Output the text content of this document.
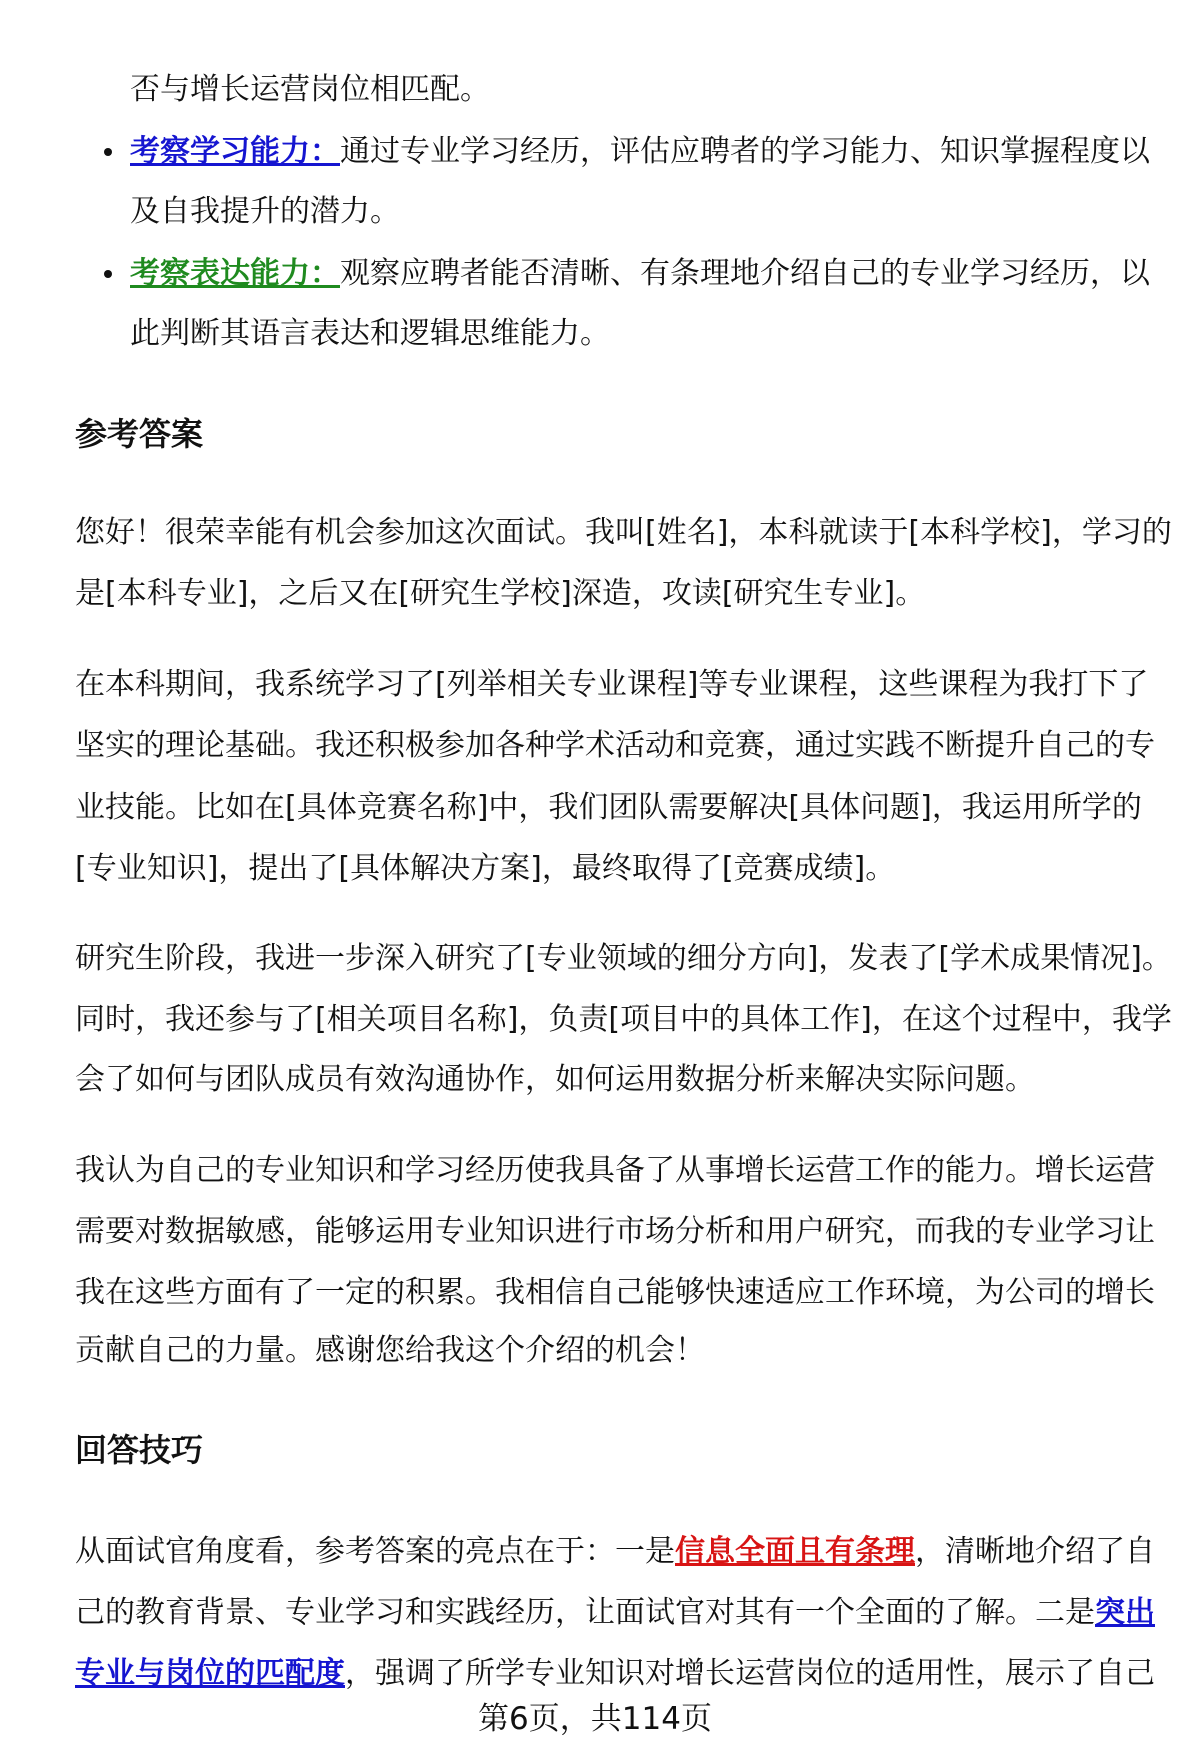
否与增长运营岗位相匹配。
考察学习能力：通过专业学习经历，评估应聘者的学习能力、知识掌握程度以
及自我提升的潜力。
考察表达能力：观察应聘者能否清晰、有条理地介绍自己的专业学习经历，以
此判断其语言表达和逻辑思维能力。
参考答案
您好！很荣幸能有机会参加这次面试。我叫[姓名]，本科就读于[本科学校]，学习的
是[本科专业]，之后又在[研究生学校]深造，攻读[研究生专业]。
在本科期间，我系统学习了[列举相关专业课程]等专业课程，这些课程为我打下了
坚实的理论基础。我还积极参加各种学术活动和竞赛，通过实践不断提升自己的专
业技能。比如在[具体竞赛名称]中，我们团队需要解决[具体问题]，我运用所学的
[专业知识]，提出了[具体解决方案]，最终取得了[竞赛成绩]。
研究生阶段，我进一步深入研究了[专业领域的细分方向]，发表了[学术成果情况]。
同时，我还参与了[相关项目名称]，负责[项目中的具体工作]，在这个过程中，我学
会了如何与团队成员有效沟通协作，如何运用数据分析来解决实际问题。
我认为自己的专业知识和学习经历使我具备了从事增长运营工作的能力。增长运营
需要对数据敏感，能够运用专业知识进行市场分析和用户研究，而我的专业学习让
我在这些方面有了一定的积累。我相信自己能够快速适应工作环境，为公司的增长
贡献自己的力量。感谢您给我这个介绍的机会！
回答技巧
从面试官角度看，参考答案的亮点在于：一是信息全面且有条理，清晰地介绍了自
己的教育背景、专业学习和实践经历，让面试官对其有一个全面的了解。二是突出
专业与岗位的匹配度，强调了所学专业知识对增长运营岗位的适用性，展示了自己
第6页，共114页
